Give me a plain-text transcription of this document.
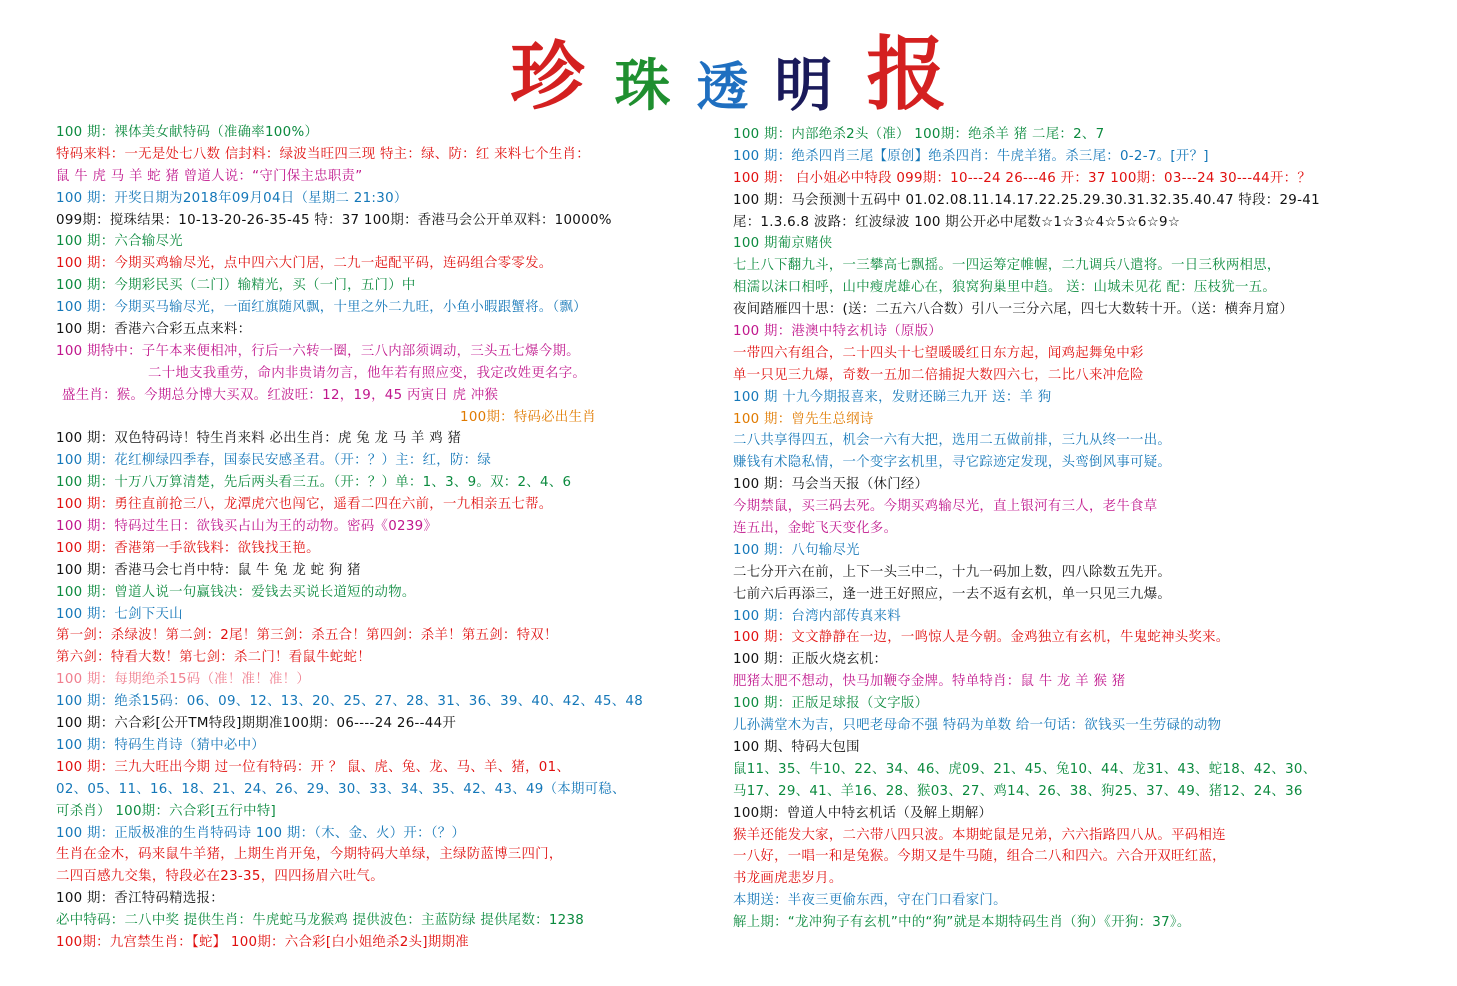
珍 珠 透 明 报
100 期：裸体美女献特码（准确率100%）
特码来料：一无是处七八数 信封料：绿波当旺四三现 特主：绿、防：红 来料七个生肖：
鼠 牛 虎 马 羊 蛇 猪 曾道人说：“守门保主忠职责”
100 期：开奖日期为2018年09月04日（星期二 21:30）
099期：搅珠结果：10-13-20-26-35-45 特：37 100期：香港马会公开单双料：10000%
100 期：六合输尽光
100 期：今期买鸡输尽光，点中四六大门居，二九一起配平码，连码组合零零发。
100 期：今期彩民买（二门）输精光，买（一门，五门）中
100 期：今期买马输尽光，一面红旗随风飘，十里之外二九旺，小鱼小暇跟蟹将。（飘）
100 期：香港六合彩五点来料：
100 期特中：子午本来便相冲，行后一六转一圈，三八内部须调动，三头五七爆今期。
二十地支我重劳，命内非贵请勿言，他年若有照应变，我定改姓更名字。
盛生肖：猴。今期总分博大买双。红波旺：12，19，45 丙寅日 虎 冲猴
100期：特码必出生肖
100 期：双色特码诗！特生肖来料 必出生肖：虎 兔 龙 马 羊 鸡 猪
100 期：花红柳绿四季春，国泰民安感圣君。（开：？）主：红，防：绿
100 期：十万八万算清楚，先后两头看三五。（开：？）单：1、3、9。双：2、4、6
100 期：勇往直前抢三八，龙潭虎穴也闯它，遥看二四在六前，一九相亲五七帮。
100 期：特码过生日：欲钱买占山为王的动物。密码《0239》
100 期：香港第一手欲钱料：欲钱找王艳。
100 期：香港马会七肖中特：鼠 牛 兔 龙 蛇 狗 猪
100 期：曾道人说一句赢钱决：爱钱去买说长道短的动物。
100 期：七剑下天山
第一剑：杀绿波！第二剑：2尾！第三剑：杀五合！第四剑：杀羊！第五剑：特双！
第六剑：特看大数！第七剑：杀二门！看鼠牛蛇蛇！
100 期：每期绝杀15码（准！准！准！）
100 期：绝杀15码：06、09、12、13、20、25、27、28、31、36、39、40、42、45、48
100 期：六合彩[公开TM特段]期期准100期：06----24 26--44开
100 期：特码生肖诗（猜中必中）
100 期：三九大旺出今期 过一位有特码：开 ？ 鼠、虎、兔、龙、马、羊、猪，01、
02、05、11、16、18、21、24、26、29、30、33、34、35、42、43、49（本期可稳、
可杀肖） 100期：六合彩[五行中特]
100 期：正版极准的生肖特码诗 100 期：（木、金、火）开：（？）
生肖在金木，码来鼠牛羊猪，上期生肖开兔，今期特码大单绿，主绿防蓝博三四门，
二四百感九交集，特段必在23-35，四四扬眉六吐气。
100 期：香江特码精选报：
必中特码：二八中奖 提供生肖：牛虎蛇马龙猴鸡 提供波色：主蓝防绿 提供尾数：1238
100期：九宫禁生肖：【蛇】 100期：六合彩[白小姐绝杀2头]期期准
100 期：内部绝杀2头（准） 100期：绝杀羊 猪 二尾：2、7
100 期：绝杀四肖三尾【原创】绝杀四肖：牛虎羊猪。杀三尾：0-2-7。[开？]
100 期： 白小姐必中特段 099期：10---24 26---46 开：37 100期：03---24 30---44开：？
100 期：马会预测十五码中 01.02.08.11.14.17.22.25.29.30.31.32.35.40.47 特段：29-41
尾：1.3.6.8 波路：红波绿波 100 期公开必中尾数☆1☆3☆4☆5☆6☆9☆
100 期葡京赌侠
七上八下翻九斗，一三攀高七飘摇。一四运筹定帷幄，二九调兵八遣将。一日三秋两相思，
相濡以沫口相呼，山中瘦虎雄心在，狼窝狗巢里中趋。 送：山城未见花 配：压枝犹一五。
夜间踏雁四十思：(送：二五六八合数）引八一三分六尾，四七大数转十开。（送：横奔月窟）
100 期：港澳中特玄机诗（原版）
一带四六有组合，二十四头十七望暖暖红日东方起，闻鸡起舞兔中彩
单一只见三九爆，奇数一五加二倍捕捉大数四六七，二比八来冲危险
100 期 十九今期报喜来，发财还睇三九开 送：羊 狗
100 期：曾先生总纲诗
二八共享得四五，机会一六有大把，选用二五做前排，三九从终一一出。
赚钱有术隐私情，一个变字玄机里，寻它踪迹定发现，头鸾倒风事可疑。
100 期：马会当天报（休门经）
今期禁鼠，买三码去死。今期买鸡输尽光，直上银河有三人，老牛食草
连五出，金蛇飞天变化多。
100 期：八句输尽光
二七分开六在前，上下一头三中二，十九一码加上数，四八除数五先开。
七前六后再添三，逢一进王好照应，一去不返有玄机，单一只见三九爆。
100 期：台湾内部传真来料
100 期：文文静静在一边，一鸣惊人是今朝。金鸡独立有玄机，牛鬼蛇神头奖来。
100 期：正版火烧玄机：
肥猪太肥不想动，快马加鞭夺金牌。特单特肖：鼠 牛 龙 羊 猴 猪
100 期：正版足球报（文字版）
儿孙满堂木为吉，只吧老母命不强 特码为单数 给一句话：欲钱买一生劳碌的动物
100 期、特码大包围
鼠11、35、牛10、22、34、46、虎09、21、45、兔10、44、龙31、43、蛇18、42、30、
马17、29、41、羊16、28、猴03、27、鸡14、26、38、狗25、37、49、猪12、24、36
100期：曾道人中特玄机话（及解上期解）
猴羊还能发大家，二六带八四只波。本期蛇鼠是兄弟，六六指路四八从。平码相连
一八好，一唱一和是兔猴。今期又是牛马随，组合二八和四六。六合开双旺红蓝，
书龙画虎悲岁月。
本期送：半夜三更偷东西，守在门口看家门。
解上期：“龙冲狗子有玄机”中的“狗”就是本期特码生肖（狗）《开狗：37》。
